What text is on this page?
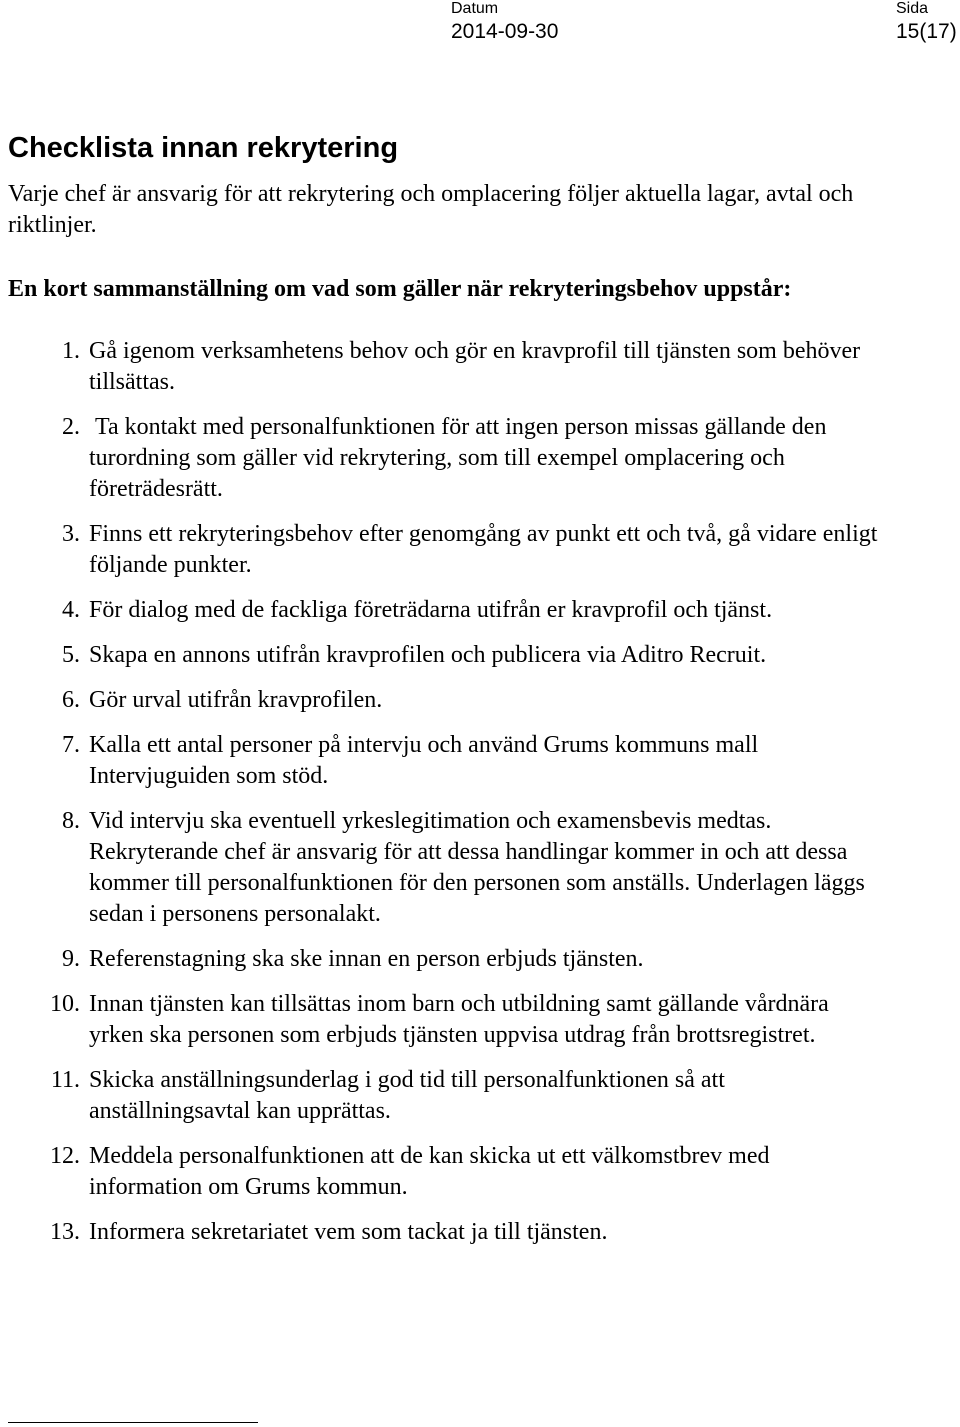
Datum
2014-09-30
Sida
15(17)
Checklista innan rekrytering

Varje chef är ansvarig för att rekrytering och omplacering följer aktuella lagar, avtal och riktlinjer.

En kort sammanställning om vad som gäller när rekryteringsbehov uppstår:

1. Gå igenom verksamhetens behov och gör en kravprofil till tjänsten som behöver tillsättas.
2. Ta kontakt med personalfunktionen för att ingen person missas gällande den turordning som gäller vid rekrytering, som till exempel omplacering och företrädesrätt.
3. Finns ett rekryteringsbehov efter genomgång av punkt ett och två, gå vidare enligt följande punkter.
4. För dialog med de fackliga företrädarna utifrån er kravprofil och tjänst.
5. Skapa en annons utifrån kravprofilen och publicera via Aditro Recruit.
6. Gör urval utifrån kravprofilen.
7. Kalla ett antal personer på intervju och använd Grums kommuns mall Intervjuguiden som stöd.
8. Vid intervju ska eventuell yrkeslegitimation och examensbevis medtas. Rekryterande chef är ansvarig för att dessa handlingar kommer in och att dessa kommer till personalfunktionen för den personen som anställs. Underlagen läggs sedan i personens personalakt.
9. Referenstagning ska ske innan en person erbjuds tjänsten.
10. Innan tjänsten kan tillsättas inom barn och utbildning samt gällande vårdnära yrken ska personen som erbjuds tjänsten uppvisa utdrag från brottsregistret.
11. Skicka anställningsunderlag i god tid till personalfunktionen så att anställningsavtal kan upprättas.
12. Meddela personalfunktionen att de kan skicka ut ett välkomstbrev med information om Grums kommun.
13. Informera sekretariatet vem som tackat ja till tjänsten.
